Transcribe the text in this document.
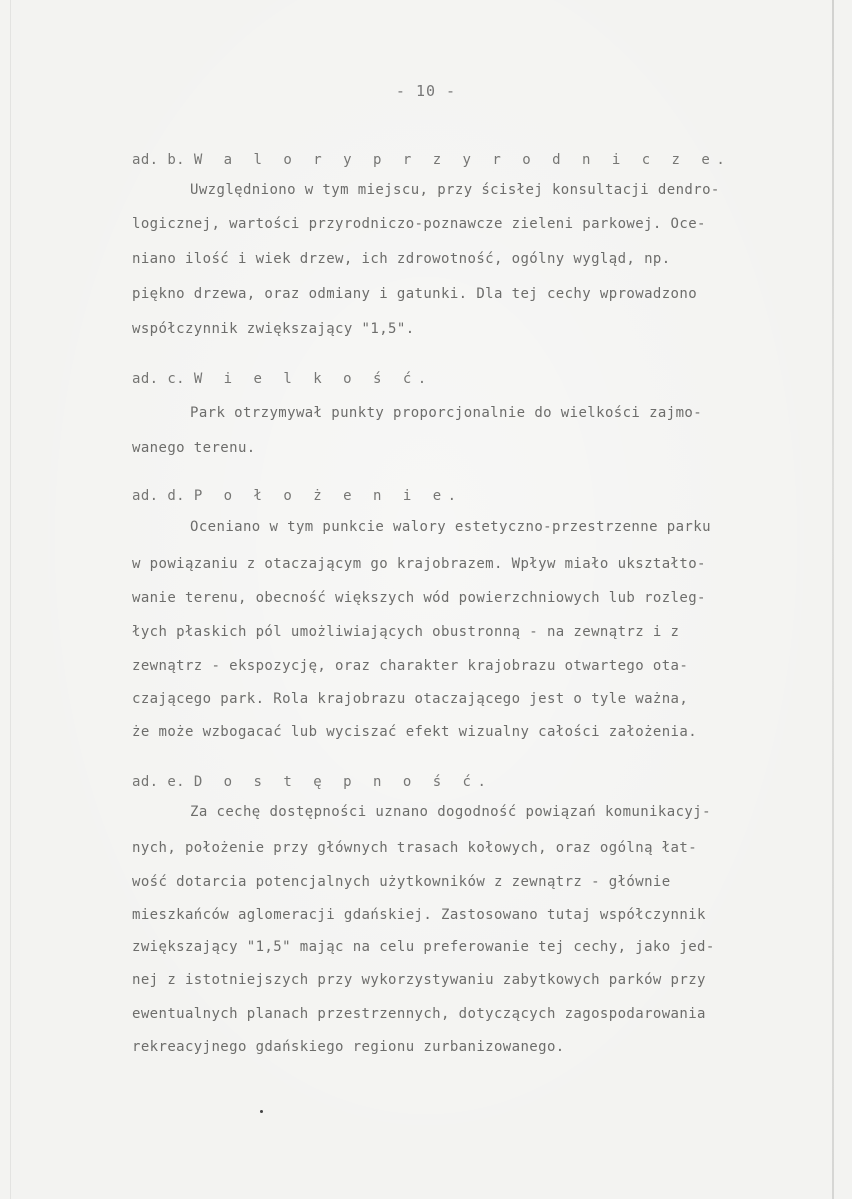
- 10 -
ad. b. W a l o r y p r z y r o d n i c z e.
Uwzględniono w tym miejscu, przy ścisłej konsultacji dendro-
logicznej, wartości przyrodniczo-poznawcze zieleni parkowej. Oce-
niano ilość i wiek drzew, ich zdrowotność, ogólny wygląd, np.
piękno drzewa, oraz odmiany i gatunki. Dla tej cechy wprowadzono
współczynnik zwiększający "1,5".
ad. c. W i e l k o ś ć.
Park otrzymywał punkty proporcjonalnie do wielkości zajmo-
wanego terenu.
ad. d. P o ł o ż e n i e.
Oceniano w tym punkcie walory estetyczno-przestrzenne parku
w powiązaniu z otaczającym go krajobrazem. Wpływ miało ukształto-
wanie terenu, obecność większych wód powierzchniowych lub rozleg-
łych płaskich pól umożliwiających obustronną - na zewnątrz i z
zewnątrz - ekspozycję, oraz charakter krajobrazu otwartego ota-
czającego park. Rola krajobrazu otaczającego jest o tyle ważna,
że może wzbogacać lub wyciszać efekt wizualny całości założenia.
ad. e. D o s t ę p n o ś ć.
Za cechę dostępności uznano dogodność powiązań komunikacyj-
nych, położenie przy głównych trasach kołowych, oraz ogólną łat-
wość dotarcia potencjalnych użytkowników z zewnątrz - głównie
mieszkańców aglomeracji gdańskiej. Zastosowano tutaj współczynnik
zwiększający "1,5" mając na celu preferowanie tej cechy, jako jed-
nej z istotniejszych przy wykorzystywaniu zabytkowych parków przy
ewentualnych planach przestrzennych, dotyczących zagospodarowania
rekreacyjnego gdańskiego regionu zurbanizowanego.
